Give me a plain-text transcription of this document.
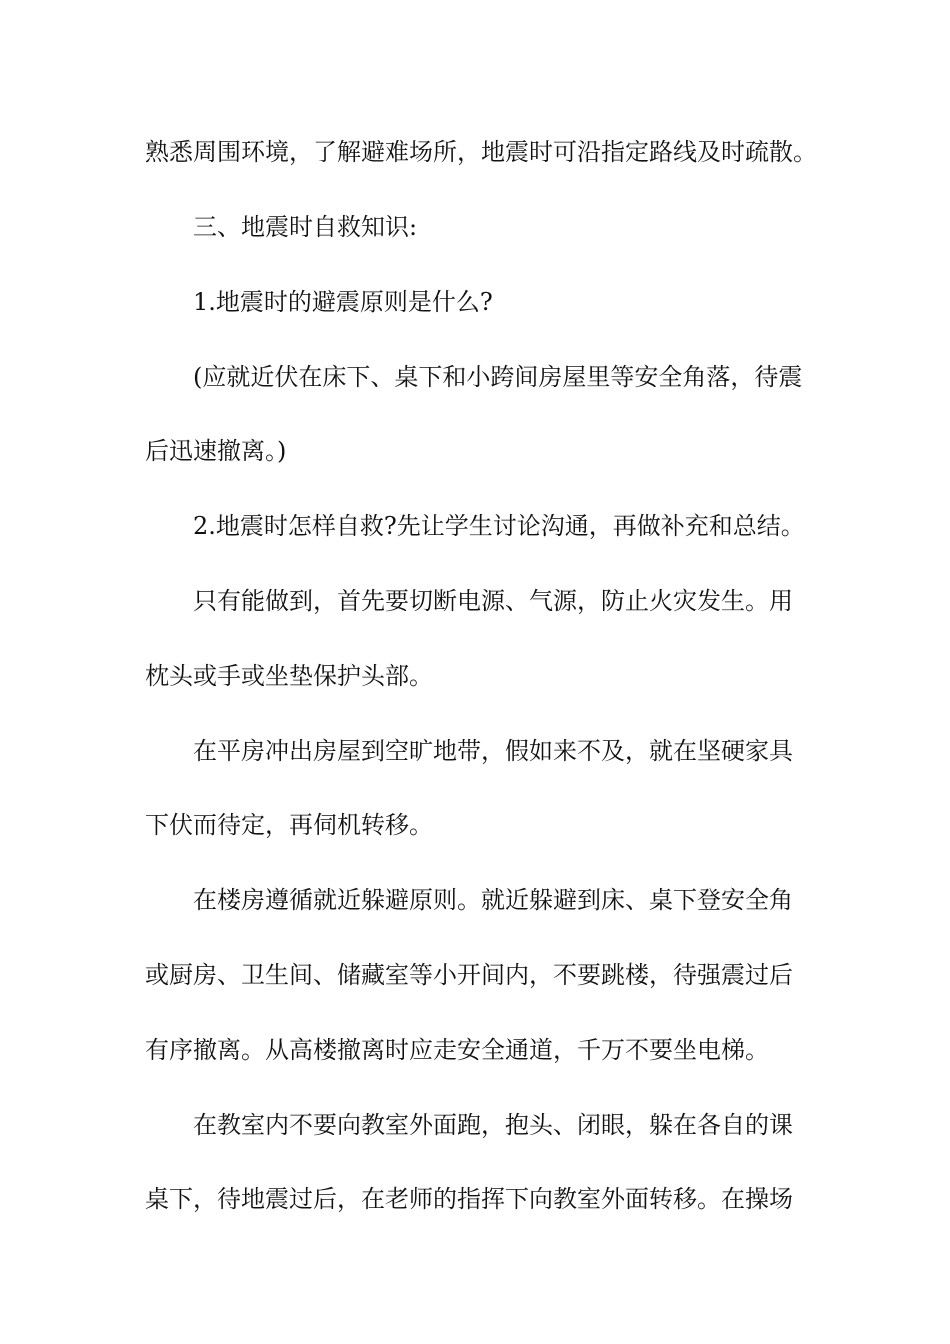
熟悉周围环境，了解避难场所，地震时可沿指定路线及时疏散。
三、地震时自救知识:
1.地震时的避震原则是什么?
(应就近伏在床下、桌下和小跨间房屋里等安全角落，待震
后迅速撤离。)
2.地震时怎样自救?先让学生讨论沟通，再做补充和总结。
只有能做到，首先要切断电源、气源，防止火灾发生。用
枕头或手或坐垫保护头部。
在平房冲出房屋到空旷地带，假如来不及，就在坚硬家具
下伏而待定，再伺机转移。
在楼房遵循就近躲避原则。就近躲避到床、桌下登安全角
或厨房、卫生间、储藏室等小开间内，不要跳楼，待强震过后
有序撤离。从高楼撤离时应走安全通道，千万不要坐电梯。
在教室内不要向教室外面跑，抱头、闭眼，躲在各自的课
桌下，待地震过后，在老师的指挥下向教室外面转移。在操场
